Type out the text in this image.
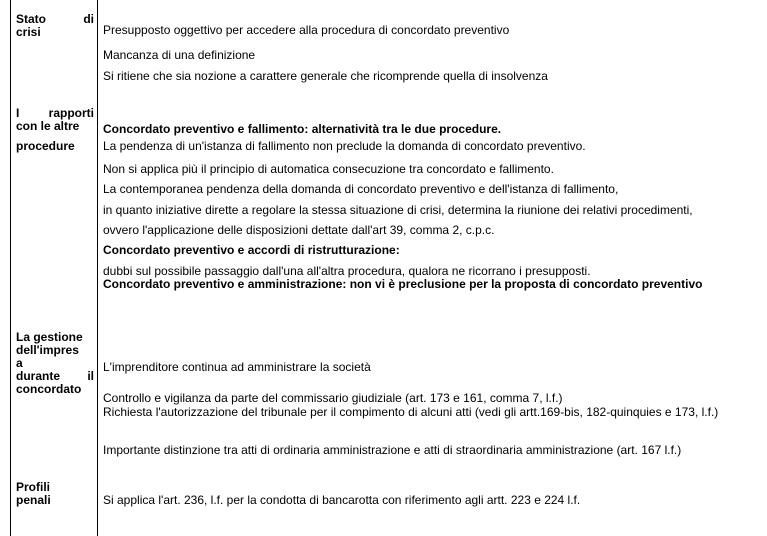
Stato di
crisi	Presupposto oggettivo per accedere alla procedura di concordato preventivo
Mancanza di una definizione
Si ritiene che sia nozione a carattere generale che ricomprende quella di insolvenza
I rapporti
con le altre
procedure
Concordato preventivo e fallimento: alternatività tra le due procedure.
La pendenza di un'istanza di fallimento non preclude la domanda di concordato preventivo.
Non si applica più il principio di automatica consecuzione tra concordato e fallimento.
La contemporanea pendenza della domanda di concordato preventivo e dell'istanza di fallimento,
in quanto iniziative dirette a regolare la stessa situazione di crisi, determina la riunione dei relativi procedimenti,
ovvero l'applicazione delle disposizioni dettate dall'art 39, comma 2, c.p.c.
Concordato preventivo e accordi di ristrutturazione:
dubbi sul possibile passaggio dall'una all'altra procedura, qualora ne ricorrano i presupposti.
Concordato preventivo e amministrazione: non vi è preclusione per la proposta di concordato preventivo
La gestione
dell'impres
a
durante il
concordato
L'imprenditore continua ad amministrare la società
Controllo e vigilanza da parte del commissario giudiziale (art. 173 e 161, comma 7, l.f.)
Richiesta l'autorizzazione del tribunale per il compimento di alcuni atti (vedi gli artt.169-bis, 182-quinquies e 173, l.f.)
Importante distinzione tra atti di ordinaria amministrazione e atti di straordinaria amministrazione (art. 167 l.f.)
Profili
penali	Si applica l'art. 236, l.f. per la condotta di bancarotta con riferimento agli artt. 223 e 224 l.f.
